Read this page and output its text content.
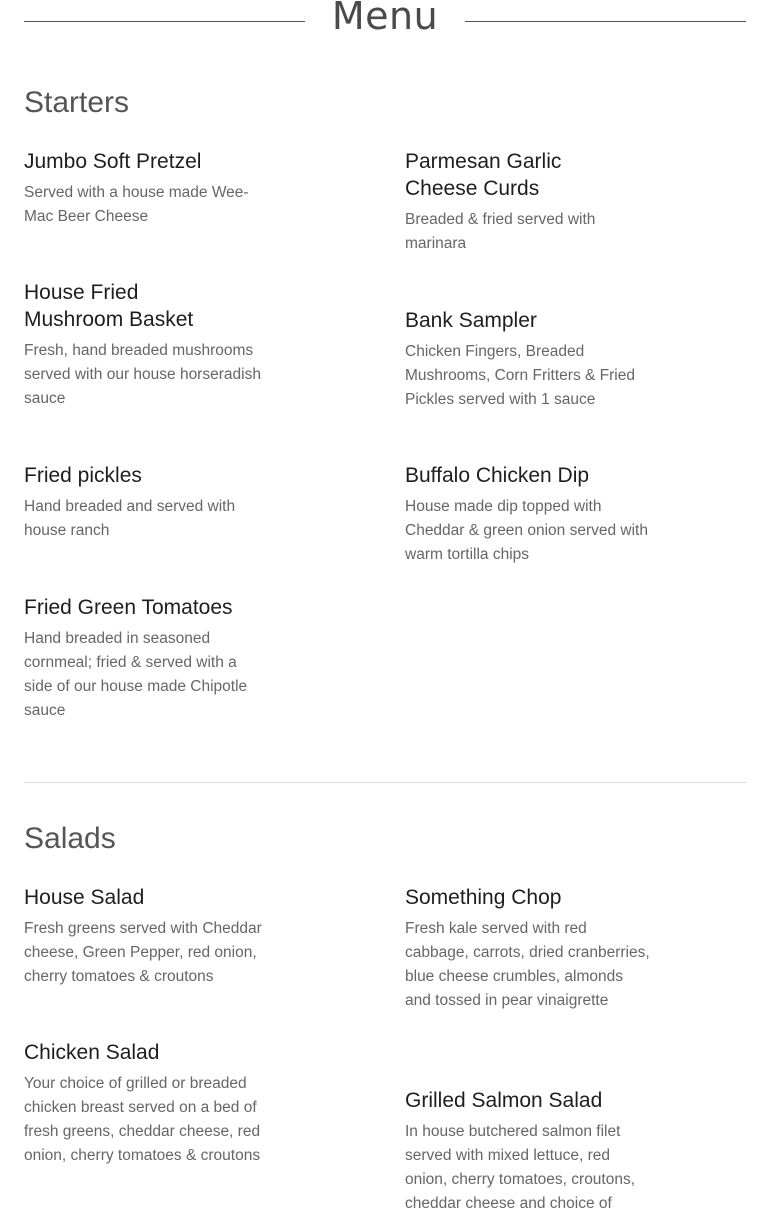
Menu
Starters
Jumbo Soft Pretzel
Served with a house made Wee-Mac Beer Cheese
Parmesan Garlic Cheese Curds
Breaded & fried served with marinara
House Fried Mushroom Basket
Fresh, hand breaded mushrooms served with our house horseradish sauce
Bank Sampler
Chicken Fingers, Breaded Mushrooms, Corn Fritters & Fried Pickles served with 1 sauce
Fried pickles
Hand breaded and served with house ranch
Buffalo Chicken Dip
House made dip topped with Cheddar & green onion served with warm tortilla chips
Fried Green Tomatoes
Hand breaded in seasoned cornmeal; fried & served with a side of our house made Chipotle sauce
Salads
House Salad
Fresh greens served with Cheddar cheese, Green Pepper, red onion, cherry tomatoes & croutons
Something Chop
Fresh kale served with red cabbage, carrots, dried cranberries, blue cheese crumbles, almonds and tossed in pear vinaigrette
Chicken Salad
Your choice of grilled or breaded chicken breast served on a bed of fresh greens, cheddar cheese, red onion, cherry tomatoes & croutons
Grilled Salmon Salad
In house butchered salmon filet served with mixed lettuce, red onion, cherry tomatoes, croutons, cheddar cheese and choice of
